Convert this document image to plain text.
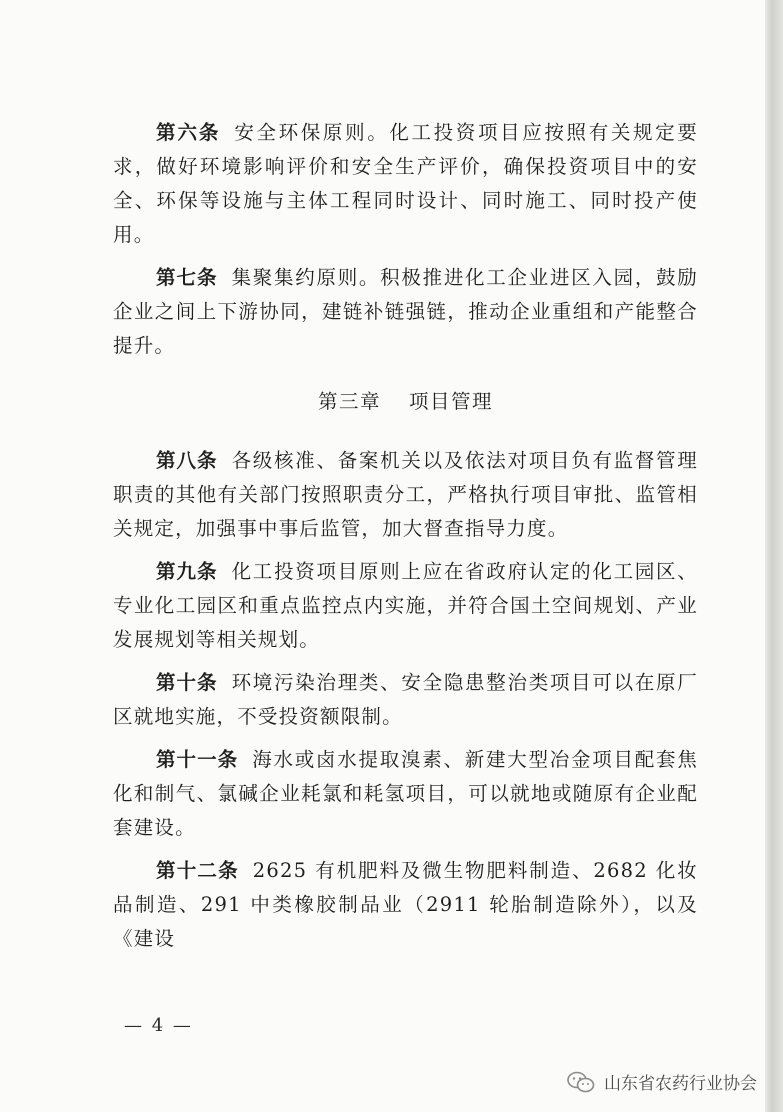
第六条 安全环保原则。化工投资项目应按照有关规定要求，做好环境影响评价和安全生产评价，确保投资项目中的安全、环保等设施与主体工程同时设计、同时施工、同时投产使用。

第七条 集聚集约原则。积极推进化工企业进区入园，鼓励企业之间上下游协同，建链补链强链，推动企业重组和产能整合提升。

第三章 项目管理

第八条 各级核准、备案机关以及依法对项目负有监督管理职责的其他有关部门按照职责分工，严格执行项目审批、监管相关规定，加强事中事后监管，加大督查指导力度。

第九条 化工投资项目原则上应在省政府认定的化工园区、专业化工园区和重点监控点内实施，并符合国土空间规划、产业发展规划等相关规划。

第十条 环境污染治理类、安全隐患整治类项目可以在原厂区就地实施，不受投资额限制。

第十一条 海水或卤水提取溴素、新建大型冶金项目配套焦化和制气、氯碱企业耗氯和耗氢项目，可以就地或随原有企业配套建设。

第十二条 2625 有机肥料及微生物肥料制造、2682 化妆品制造、291 中类橡胶制品业（2911 轮胎制造除外），以及《建设

— 4 —
山东省农药行业协会
